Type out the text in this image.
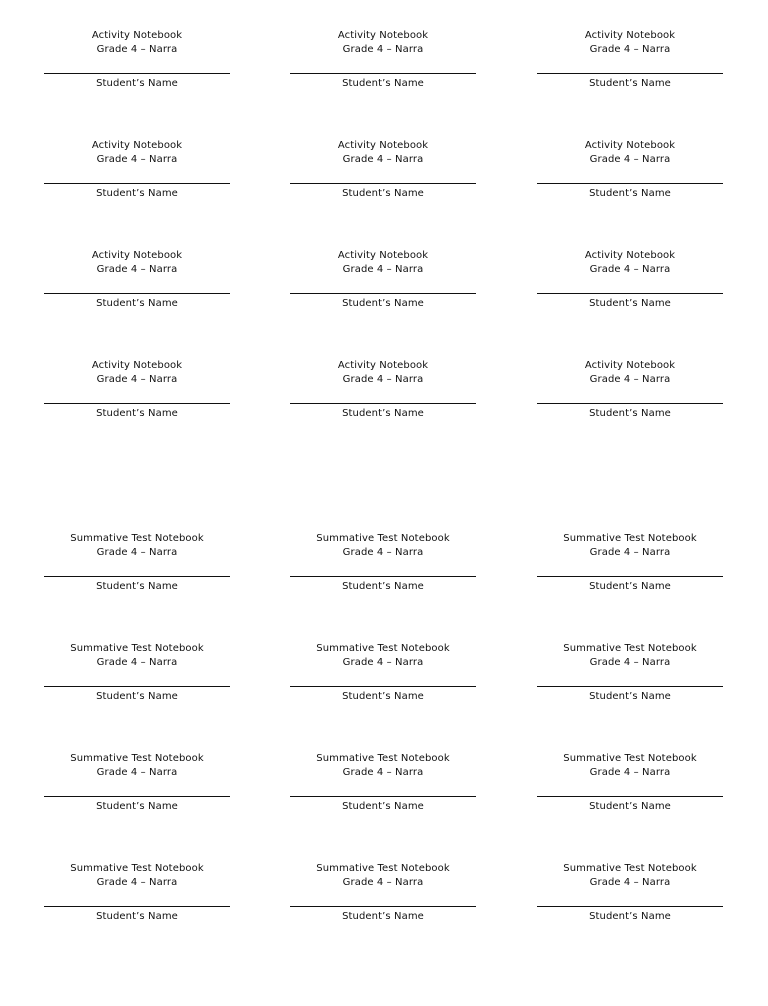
Activity Notebook
Grade 4 – Narra
Student’s Name
Activity Notebook
Grade 4 – Narra
Student’s Name
Activity Notebook
Grade 4 – Narra
Student’s Name
Activity Notebook
Grade 4 – Narra
Student’s Name
Activity Notebook
Grade 4 – Narra
Student’s Name
Activity Notebook
Grade 4 – Narra
Student’s Name
Activity Notebook
Grade 4 – Narra
Student’s Name
Activity Notebook
Grade 4 – Narra
Student’s Name
Activity Notebook
Grade 4 – Narra
Student’s Name
Activity Notebook
Grade 4 – Narra
Student’s Name
Activity Notebook
Grade 4 – Narra
Student’s Name
Activity Notebook
Grade 4 – Narra
Student’s Name
Summative Test Notebook
Grade 4 – Narra
Student’s Name
Summative Test Notebook
Grade 4 – Narra
Student’s Name
Summative Test Notebook
Grade 4 – Narra
Student’s Name
Summative Test Notebook
Grade 4 – Narra
Student’s Name
Summative Test Notebook
Grade 4 – Narra
Student’s Name
Summative Test Notebook
Grade 4 – Narra
Student’s Name
Summative Test Notebook
Grade 4 – Narra
Student’s Name
Summative Test Notebook
Grade 4 – Narra
Student’s Name
Summative Test Notebook
Grade 4 – Narra
Student’s Name
Summative Test Notebook
Grade 4 – Narra
Student’s Name
Summative Test Notebook
Grade 4 – Narra
Student’s Name
Summative Test Notebook
Grade 4 – Narra
Student’s Name
